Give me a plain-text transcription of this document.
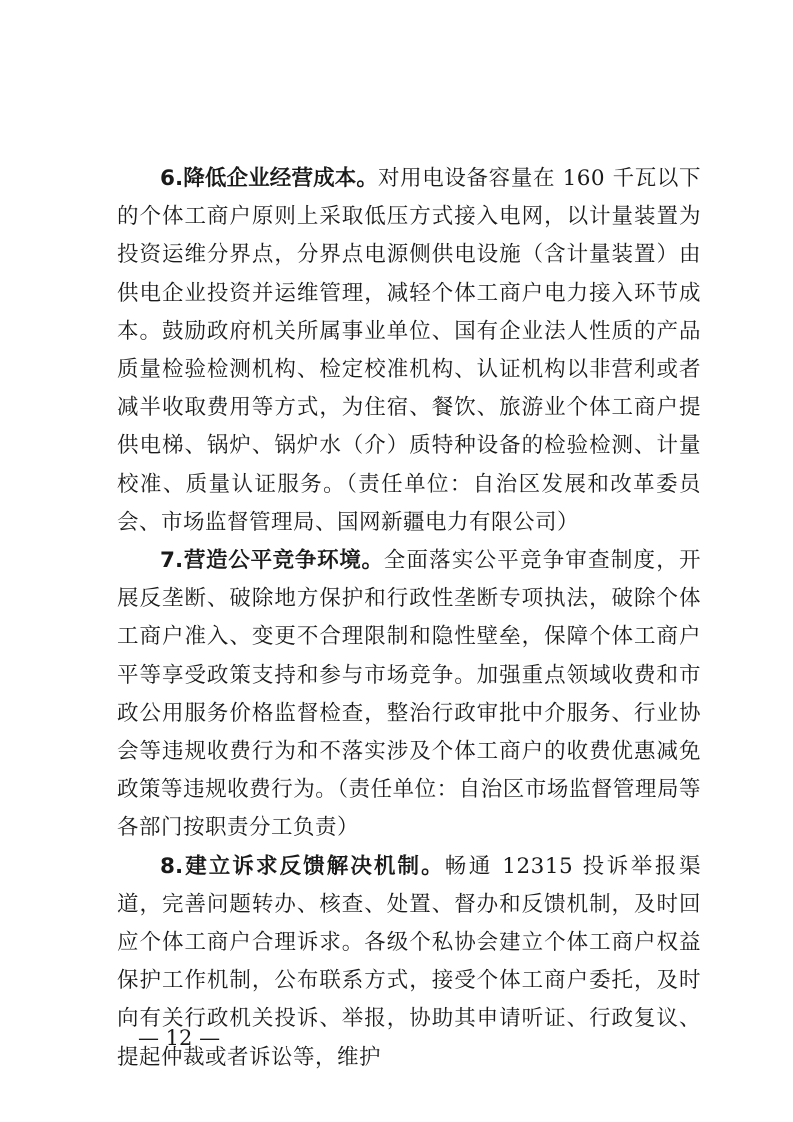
6.降低企业经营成本。对用电设备容量在 160 千瓦以下的个体工商户原则上采取低压方式接入电网，以计量装置为投资运维分界点，分界点电源侧供电设施（含计量装置）由供电企业投资并运维管理，减轻个体工商户电力接入环节成本。鼓励政府机关所属事业单位、国有企业法人性质的产品质量检验检测机构、检定校准机构、认证机构以非营利或者减半收取费用等方式，为住宿、餐饮、旅游业个体工商户提供电梯、锅炉、锅炉水（介）质特种设备的检验检测、计量校准、质量认证服务。（责任单位：自治区发展和改革委员会、市场监督管理局、国网新疆电力有限公司）

7.营造公平竞争环境。全面落实公平竞争审查制度，开展反垄断、破除地方保护和行政性垄断专项执法，破除个体工商户准入、变更不合理限制和隐性壁垒，保障个体工商户平等享受政策支持和参与市场竞争。加强重点领域收费和市政公用服务价格监督检查，整治行政审批中介服务、行业协会等违规收费行为和不落实涉及个体工商户的收费优惠减免政策等违规收费行为。（责任单位：自治区市场监督管理局等各部门按职责分工负责）

8.建立诉求反馈解决机制。畅通 12315 投诉举报渠道，完善问题转办、核查、处置、督办和反馈机制，及时回应个体工商户合理诉求。各级个私协会建立个体工商户权益保护工作机制，公布联系方式，接受个体工商户委托，及时向有关行政机关投诉、举报，协助其申请听证、行政复议、提起仲裁或者诉讼等，维护

— 12 —
